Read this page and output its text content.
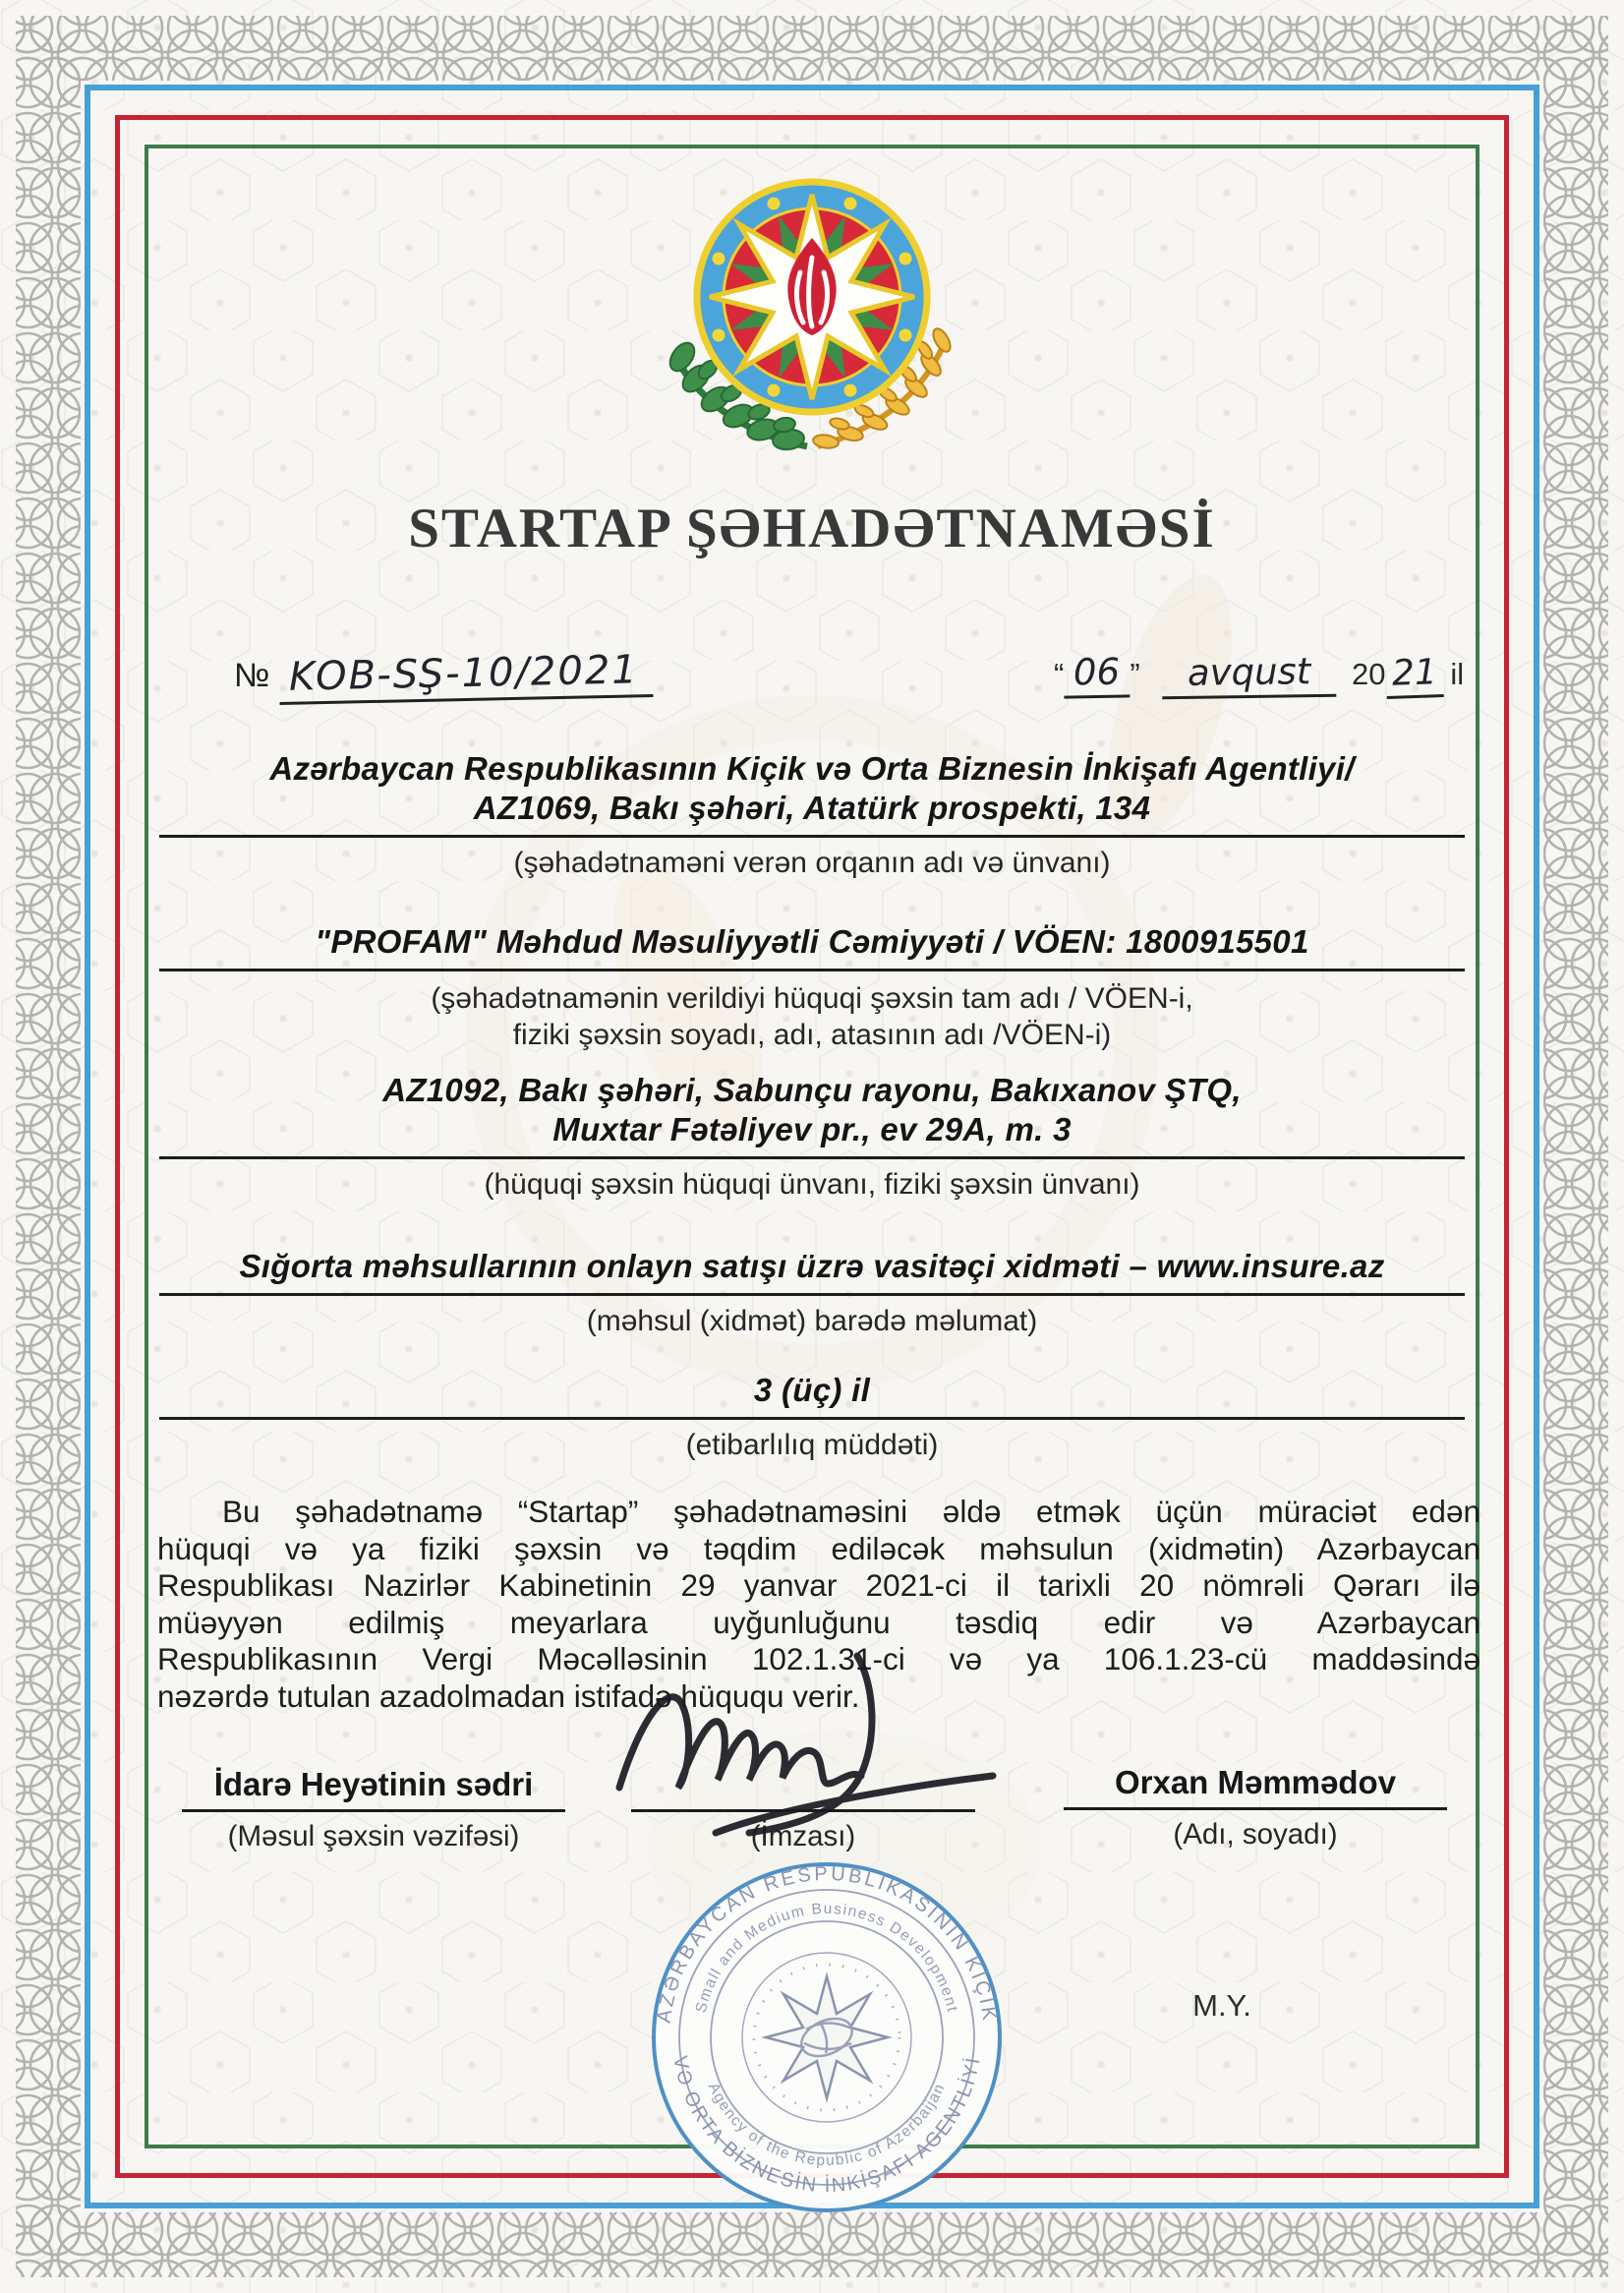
STARTAP ŞƏHADƏTNAMƏSİ
№
KOB-SŞ-10/2021	“ 06 ”	avqust	20 21 il
Azərbaycan Respublikasının Kiçik və Orta Biznesin İnkişafı Agentliyi/
AZ1069, Bakı şəhəri, Atatürk prospekti, 134
(şəhadətnaməni verən orqanın adı və ünvanı)
"PROFAM" Məhdud Məsuliyyətli Cəmiyyəti / VÖEN: 1800915501
(şəhadətnamənin verildiyi hüquqi şəxsin tam adı / VÖEN-i,
fiziki şəxsin soyadı, adı, atasının adı /VÖEN-i)
AZ1092, Bakı şəhəri, Sabunçu rayonu, Bakıxanov ŞTQ,
Muxtar Fətəliyev pr., ev 29A, m. 3
(hüquqi şəxsin hüquqi ünvanı, fiziki şəxsin ünvanı)
Sığorta məhsullarının onlayn satışı üzrə vasitəçi xidməti – www.insure.az
(məhsul (xidmət) barədə məlumat)
3 (üç) il
(etibarlılıq müddəti)
Bu şəhadətnamə “Startap” şəhadətnaməsini əldə etmək üçün müraciət edən
hüquqi və ya fiziki şəxsin və təqdim ediləcək məhsulun (xidmətin) Azərbaycan
Respublikası Nazirlər Kabinetinin 29 yanvar 2021-ci il tarixli 20 nömrəli Qərarı ilə
müəyyən edilmiş meyarlara uyğunluğunu təsdiq edir və Azərbaycan
Respublikasının Vergi Məcəlləsinin 102.1.31-ci və ya 106.1.23-cü maddəsində
nəzərdə tutulan azadolmadan istifadə hüququ verir.
İdarə Heyətinin sədri
(Məsul şəxsin vəzifəsi)	(İmzası)
Orxan Məmmədov
(Adı, soyadı)
M.Y.
AZƏRBAYCAN RESPUBLİKASININ KİÇİK
VƏ ORTA BİZNESİN İNKİŞAFI AGENTLİYİ
Small and Medium Business Development
Agency of the Republic of Azerbaijan
